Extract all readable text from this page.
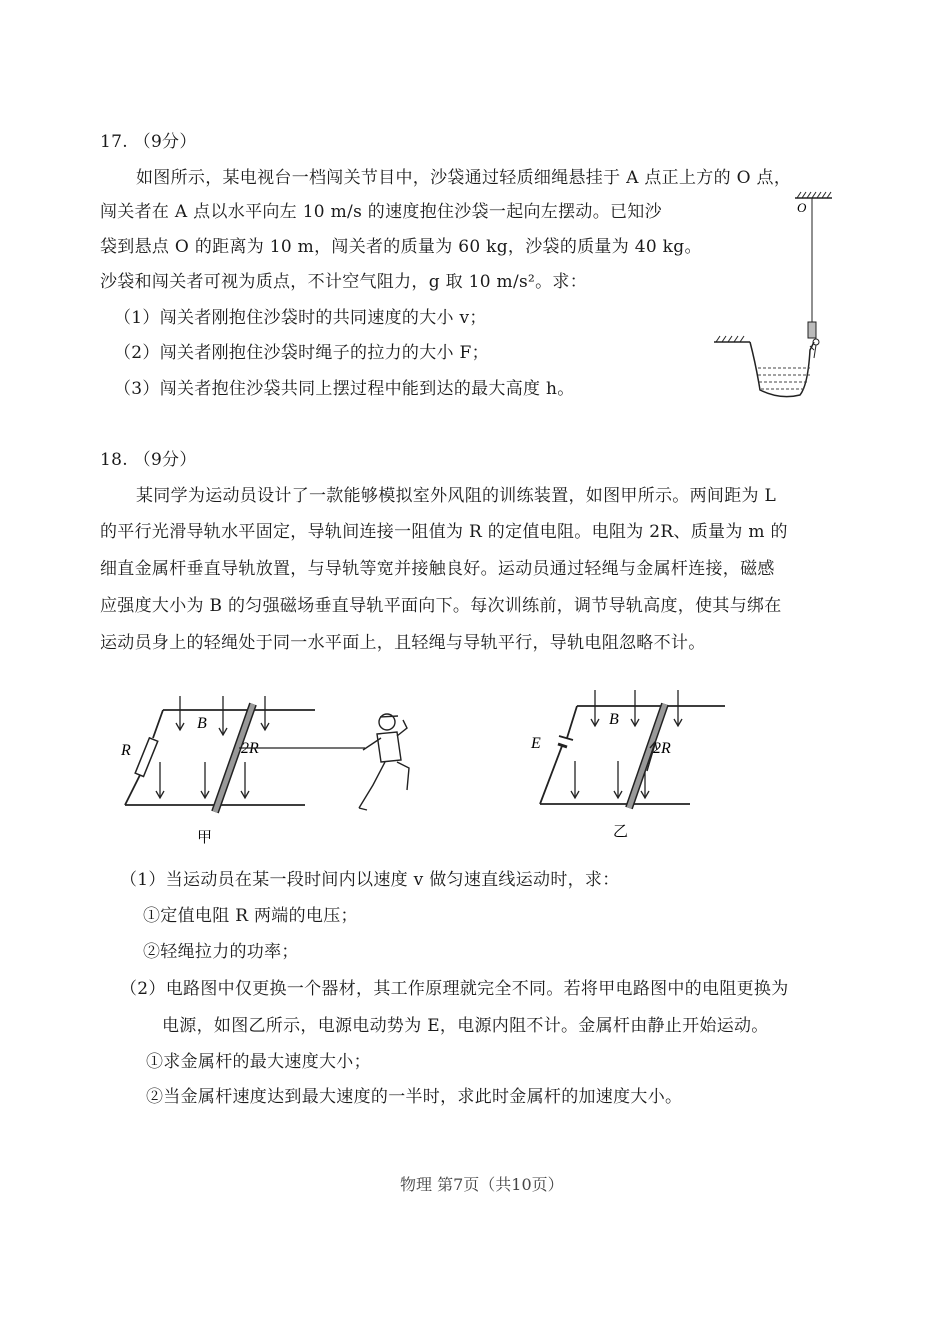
17. （9分）
如图所示，某电视台一档闯关节目中，沙袋通过轻质细绳悬挂于 A 点正上方的 O 点，
闯关者在 A 点以水平向左 10 m/s 的速度抱住沙袋一起向左摆动。已知沙
袋到悬点 O 的距离为 10 m，闯关者的质量为 60 kg，沙袋的质量为 40 kg。
沙袋和闯关者可视为质点，不计空气阻力，g 取 10 m/s²。求：
（1）闯关者刚抱住沙袋时的共同速度的大小 v；
（2）闯关者刚抱住沙袋时绳子的拉力的大小 F；
（3）闯关者抱住沙袋共同上摆过程中能到达的最大高度 h。
O
18. （9分）
某同学为运动员设计了一款能够模拟室外风阻的训练装置，如图甲所示。两间距为 L
的平行光滑导轨水平固定，导轨间连接一阻值为 R 的定值电阻。电阻为 2R、质量为 m 的
细直金属杆垂直导轨放置，与导轨等宽并接触良好。运动员通过轻绳与金属杆连接，磁感
应强度大小为 B 的匀强磁场垂直导轨平面向下。每次训练前，调节导轨高度，使其与绑在
运动员身上的轻绳处于同一水平面上，且轻绳与导轨平行，导轨电阻忽略不计。
R
B
2R
甲
E
B
2R
乙
（1）当运动员在某一段时间内以速度 v 做匀速直线运动时，求：
①定值电阻 R 两端的电压；
②轻绳拉力的功率；
（2）电路图中仅更换一个器材，其工作原理就完全不同。若将甲电路图中的电阻更换为
电源，如图乙所示，电源电动势为 E，电源内阻不计。金属杆由静止开始运动。
①求金属杆的最大速度大小；
②当金属杆速度达到最大速度的一半时，求此时金属杆的加速度大小。
物理 第7页（共10页）
